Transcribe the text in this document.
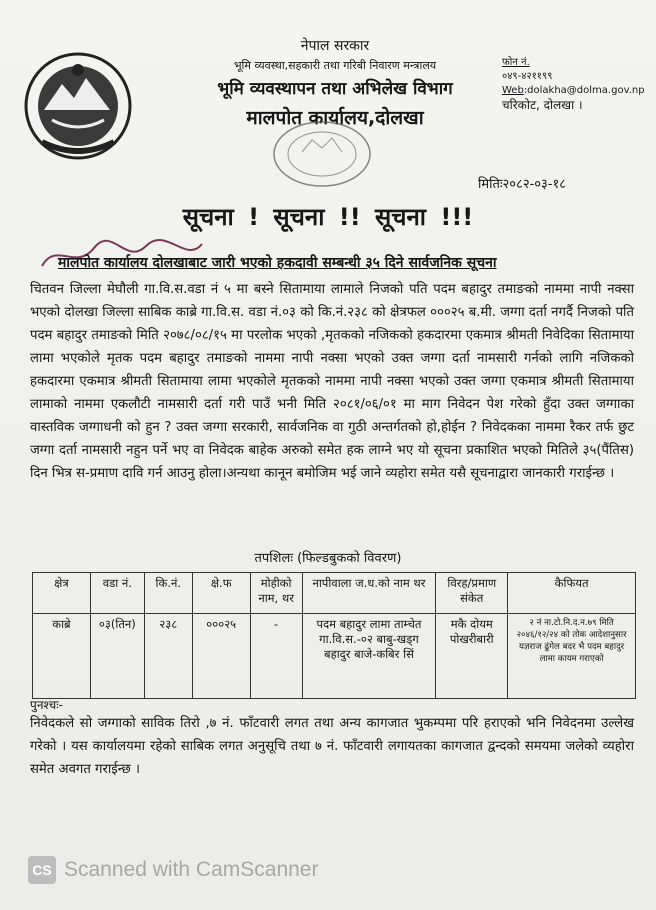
नेपाल सरकार
भूमि व्यवस्था,सहकारी तथा गरिबी निवारण मन्त्रालय
भूमि व्यवस्थापन तथा अभिलेख विभाग
मालपोत कार्यालय,दोलखा
फोन नं.
०४९-४२११९९
Web:dolakha@dolma.gov.np
चरिकोट, दोलखा ।
मितिः२०८२-०३-१८
सूचना ! सूचना !! सूचना !!!
मालपोत कार्यालय दोलखाबाट जारी भएको हकदावी सम्बन्धी ३५ दिने सार्वजनिक सूचना
चितवन जिल्ला मेघौली गा.वि.स.वडा नं ५ मा बस्ने सितामाया लामाले निजको पति पदम बहादुर तमाङको नाममा नापी नक्सा भएको दोलखा जिल्ला साबिक काब्रे गा.वि.स. वडा नं.०३ को कि.नं.२३८ को क्षेत्रफल ०००२५ ब.मी. जग्गा दर्ता नगर्दै निजको पति पदम बहादुर तमाङको मिति २०७८/०८/१५ मा परलोक भएको ,मृतकको नजिकको हकदारमा एकमात्र श्रीमती निवेदिका सितामाया लामा भएकोले मृतक पदम बहादुर तमाङको नाममा नापी नक्सा भएको उक्त जग्गा दर्ता नामसारी गर्नको लागि नजिकको हकदारमा एकमात्र श्रीमती सितामाया लामा भएकोले मृतकको नाममा नापी नक्सा भएको उक्त जग्गा एकमात्र श्रीमती सितामाया लामाको नाममा एकलौटी नामसारी दर्ता गरी पाउँ भनी मिति २०८१/०६/०१ मा माग निवेदन पेश गरेको हुँदा उक्त जग्गाका वास्तविक जग्गाधनी को हुन ? उक्त जग्गा सरकारी, सार्वजनिक वा गुठी अन्तर्गतको हो,होईन ? निवेदकका नाममा रैकर तर्फ छुट जग्गा दर्ता नामसारी नहुन पर्ने भए वा निवेदक बाहेक अरुको समेत हक लाग्ने भए यो सूचना प्रकाशित भएको मितिले ३५(पैंतिस) दिन भित्र स-प्रमाण दावि गर्न आउनु होला।अन्यथा कानून बमोजिम भई जाने व्यहोरा समेत यसै सूचनाद्वारा जानकारी गराईन्छ ।
तपशिलः (फिल्डबुकको विवरण)
क्षेत्र	वडा नं.	कि.नं.	क्षे.फ	मोहीको नाम, थर	नापीवाला ज.ध.को नाम थर	विरह/प्रमाण संकेत	कैफियत
काब्रे	०३(तिन)	२३८	०००२५	-	पदम बहादुर लामा ताम्चेत गा.वि.स.-०२ बाबु-खड्ग बहादुर बाजे-कबिर सिं	मकै दोयम पोखरीबारी	२ नं ना.टो.नि.द.न.७९ मिति २०४६/१२/२४ को तोक आदेशानुसार यज्ञराज ढुंगेल बदर भै पदम बहादुर लामा कायम गराएको
पुनश्चः-
निवेदकले सो जग्गाको साविक तिरो ,७ नं. फाँटवारी लगत तथा अन्य कागजात भुकम्पमा परि हराएको भनि निवेदनमा उल्लेख गरेको । यस कार्यालयमा रहेको साबिक लगत अनुसूचि तथा ७ नं. फाँटवारी लगायतका कागजात द्वन्दको समयमा जलेको व्यहोरा समेत अवगत गराईन्छ ।
CS Scanned with CamScanner
